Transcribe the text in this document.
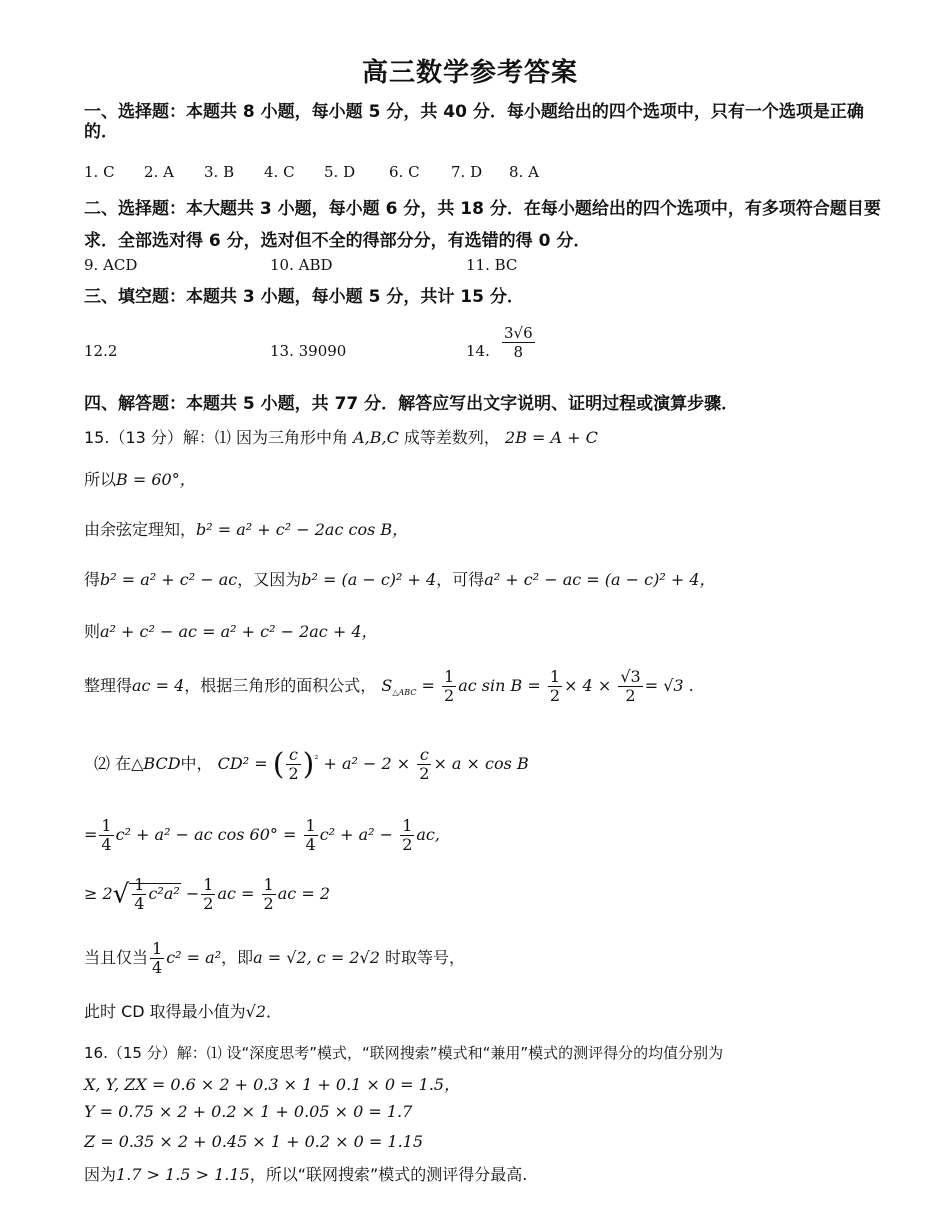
高三数学参考答案
一、选择题：本题共 8 小题，每小题 5 分，共 40 分．每小题给出的四个选项中，只有一个选项是正确的．
1. C 2. A 3. B 4. C 5. D 6. C 7. D 8. A
二、选择题：本大题共 3 小题，每小题 6 分，共 18 分．在每小题给出的四个选项中，有多项符合题目要求．全部选对得 6 分，选对但不全的得部分分，有选错的得 0 分．
9. ACD	10. ABD	11. BC
三、填空题：本题共 3 小题，每小题 5 分，共计 15 分．
12.2	13. 39090	14. $\frac{3√6}{8}$
四、解答题：本题共 5 小题，共 77 分．解答应写出文字说明、证明过程或演算步骤．
15.（13 分）解：⑴ 因为三角形中角 A,B,C 成等差数列， 2B = A + C
所以B = 60°，
由余弦定理知，b² = a² + c² − 2ac cos B，
得b² = a² + c² − ac，又因为b² = (a − c)² + 4，可得a² + c² − ac = (a − c)² + 4，
则a² + c² − ac = a² + c² − 2ac + 4，
整理得ac = 4，根据三角形的面积公式， $S_{\triangle ABC} = \frac{1}{2}$ ac $\sin B = \frac{1}{2} \times 4 \times \frac{√3}{2} = √3$ .
⑵ 在△BCD中， CD² = ( $\frac{c}{2} )^{^2} + a^2 - 2 \times \frac{c}{2} \times a \times \cos B$
= $\frac{1}{4} c^2 + a^2$ − ac $\cos 60^\circ = \frac{1}{4} c^2 + a^2 - \frac{1}{2}$ ac,
≥ $2√ \frac{1}{4} c^2a^2 - \frac{1}{2}$ ac = $\frac{1}{2}$ ac = 2
当且仅当 $\frac{1}{4} c^2 = a^2$，即a = √2, c = 2√2 时取等号，
此时 CD 取得最小值为√2．
16.（15 分）解：⑴ 设“深度思考”模式，“联网搜索”模式和“兼用”模式的测评得分的均值分别为
X, Y, ZX = 0.6 × 2 + 0.3 × 1 + 0.1 × 0 = 1.5，
Y = 0.75 × 2 + 0.2 × 1 + 0.05 × 0 = 1.7
Z = 0.35 × 2 + 0.45 × 1 + 0.2 × 0 = 1.15
因为1.7 > 1.5 > 1.15，所以“联网搜索”模式的测评得分最高.
